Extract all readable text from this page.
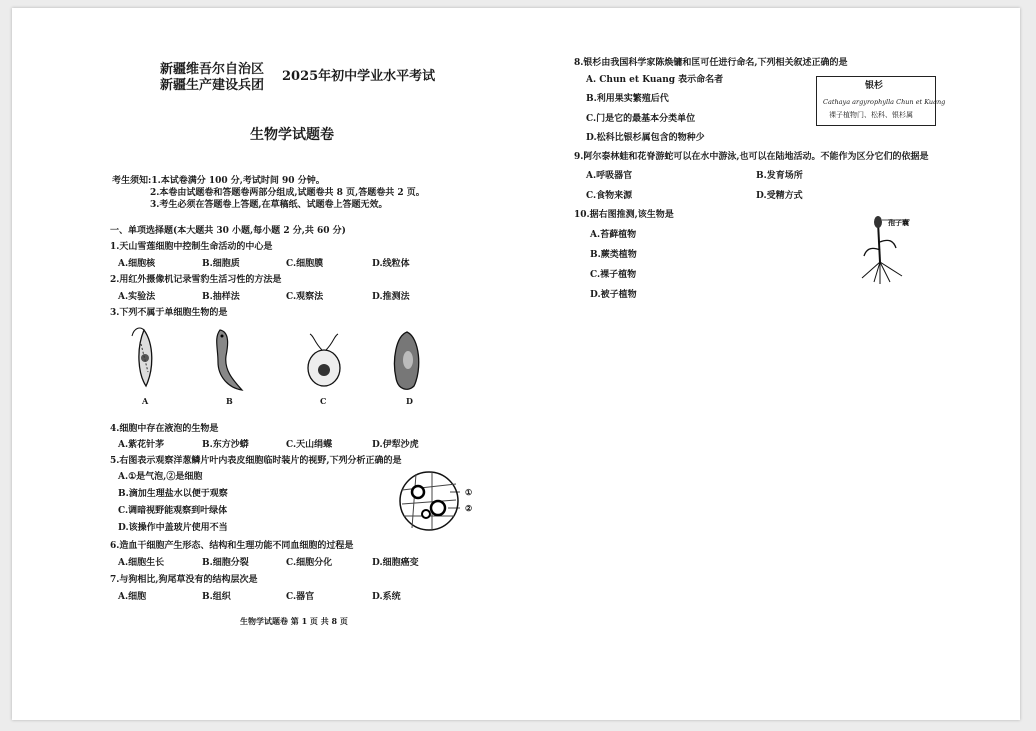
新疆维吾尔自治区
新疆生产建设兵团
2025年初中学业水平考试
生物学试题卷
考生须知:1.本试卷满分 100 分,考试时间 90 分钟。
2.本卷由试题卷和答题卷两部分组成,试题卷共 8 页,答题卷共 2 页。
3.考生必须在答题卷上答题,在草稿纸、试题卷上答题无效。
一、单项选择题(本大题共 30 小题,每小题 2 分,共 60 分)
1.天山雪莲细胞中控制生命活动的中心是
A.细胞核	B.细胞质	C.细胞膜	D.线粒体
2.用红外摄像机记录雪豹生活习性的方法是
A.实验法	B.抽样法	C.观察法	D.推测法
3.下列不属于单细胞生物的是
A	B	C	D
4.细胞中存在液泡的生物是
A.紫花针茅	B.东方沙蟒	C.天山绢蝶	D.伊犁沙虎
5.右图表示观察洋葱鳞片叶内表皮细胞临时装片的视野,下列分析正确的是
A.①是气泡,②是细胞
B.滴加生理盐水以便于观察
C.调暗视野能观察到叶绿体
D.该操作中盖玻片使用不当
①
②
6.造血干细胞产生形态、结构和生理功能不同血细胞的过程是
A.细胞生长	B.细胞分裂	C.细胞分化	D.细胞癌变
7.与狗相比,狗尾草没有的结构层次是
A.细胞	B.组织	C.器官	D.系统
生物学试题卷 第 1 页 共 8 页
8.银杉由我国科学家陈焕镛和匡可任进行命名,下列相关叙述正确的是
A. Chun et Kuang 表示命名者
B.利用果实繁殖后代
C.门是它的最基本分类单位
D.松科比银杉属包含的物种少
银杉
Cathaya argyrophylla Chun et Kuang
裸子植物门、松科、银杉属
9.阿尔泰林蛙和花脊游蛇可以在水中游泳,也可以在陆地活动。不能作为区分它们的依据是
A.呼吸器官	B.发育场所
C.食物来源	D.受精方式
10.据右图推测,该生物是
A.苔藓植物
B.蕨类植物
C.裸子植物
D.被子植物
孢子囊
